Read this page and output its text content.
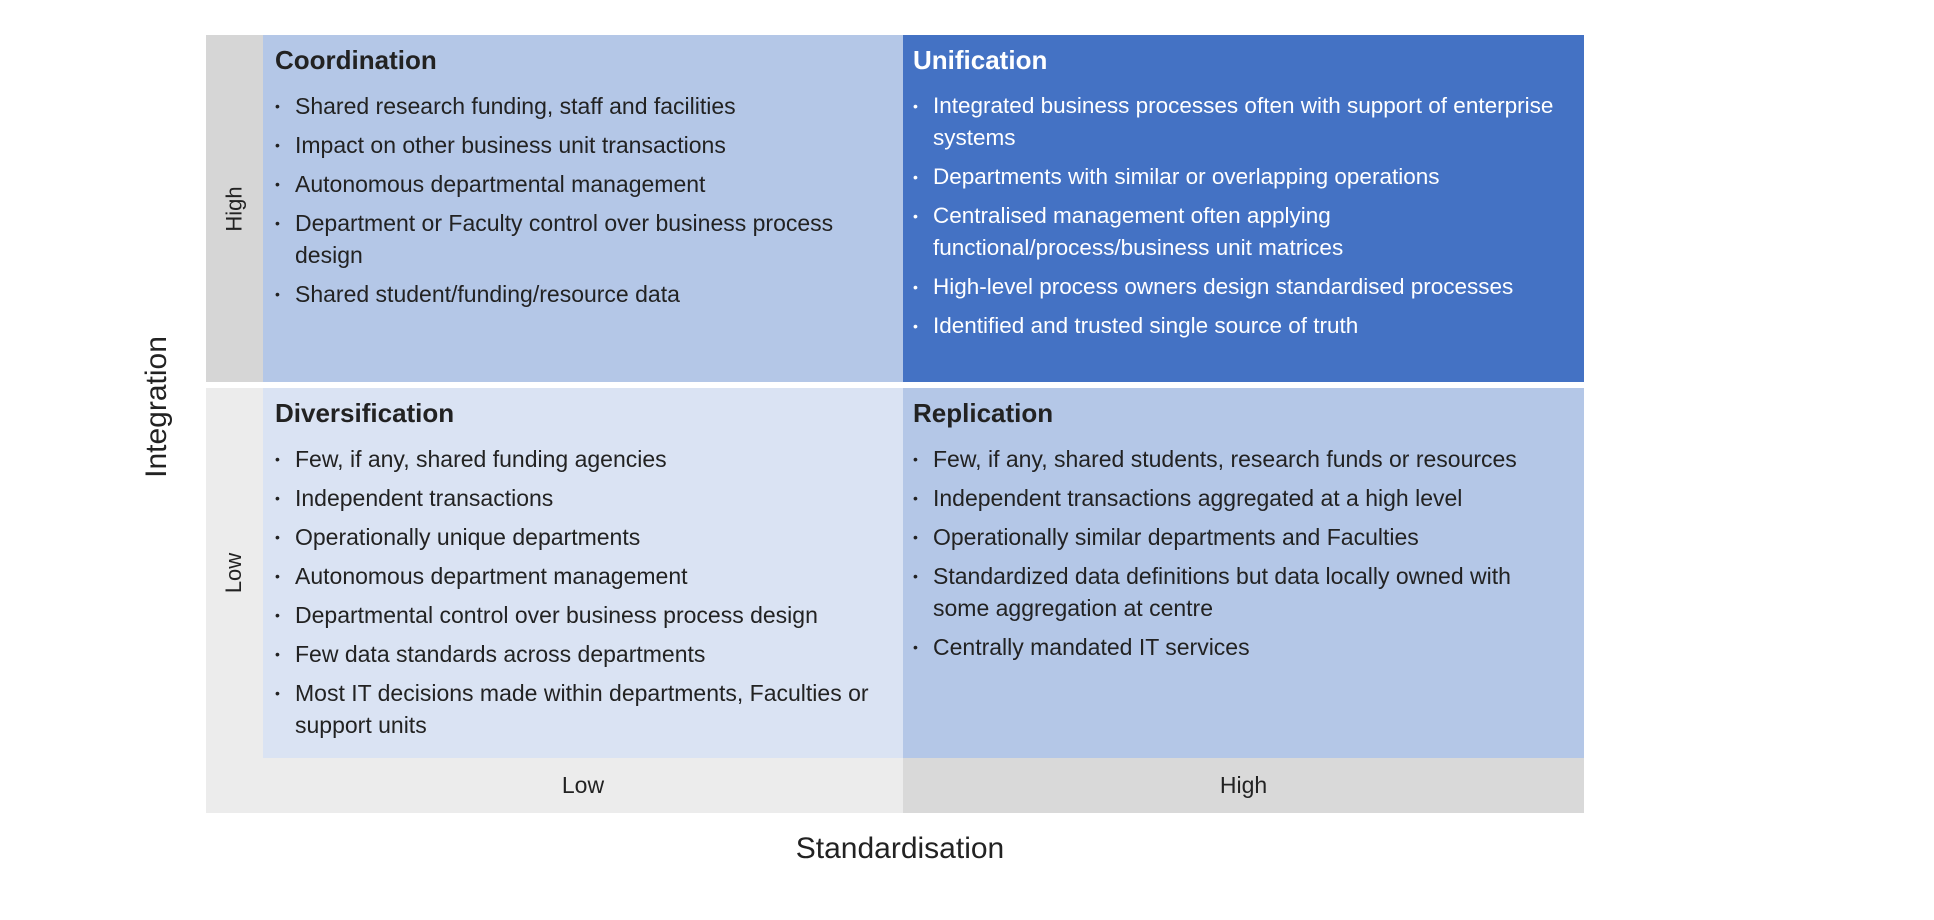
Integration
High
Low
Coordination
• Shared research funding, staff and facilities
• Impact on other business unit transactions
• Autonomous departmental management
• Department or Faculty control over business process design
• Shared student/funding/resource data
Unification
• Integrated business processes often with support of enterprise systems
• Departments with similar or overlapping operations
• Centralised management often applying functional/process/business unit matrices
• High-level process owners design standardised processes
• Identified and trusted single source of truth
Diversification
• Few, if any, shared funding agencies
• Independent transactions
• Operationally unique departments
• Autonomous department management
• Departmental control over business process design
• Few data standards across departments
• Most IT decisions made within departments, Faculties or support units
Replication
• Few, if any, shared students, research funds or resources
• Independent transactions aggregated at a high level
• Operationally similar departments and Faculties
• Standardized data definitions but data locally owned with some aggregation at centre
• Centrally mandated IT services
Low	High
Standardisation
